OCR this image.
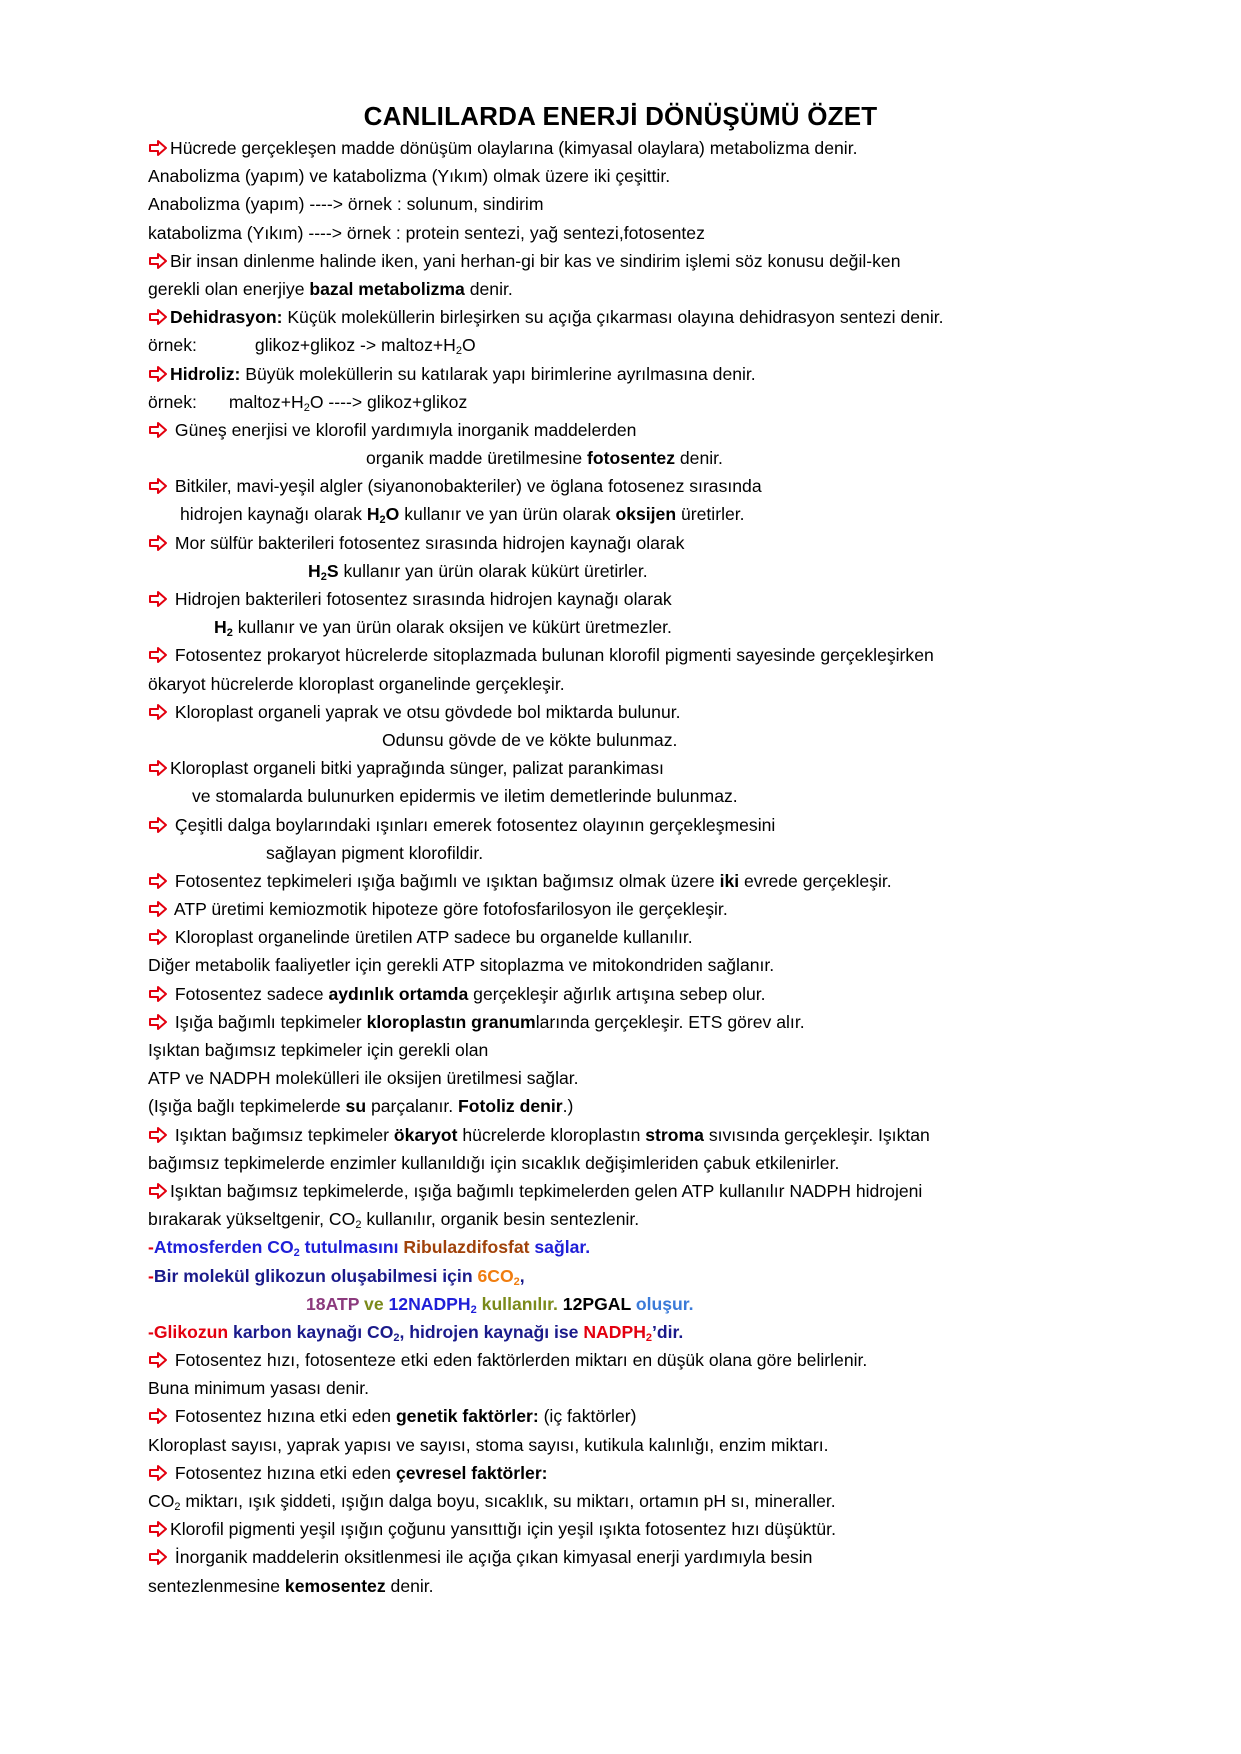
CANLILARDA ENERJİ DÖNÜŞÜMÜ ÖZET
Hücrede gerçekleşen madde dönüşüm olaylarına (kimyasal olaylara) metabolizma denir.
Anabolizma (yapım) ve katabolizma (Yıkım) olmak üzere iki çeşittir.
Anabolizma (yapım) ----> örnek : solunum, sindirim
katabolizma (Yıkım) ----> örnek : protein sentezi, yağ sentezi,fotosentez
Bir insan dinlenme halinde iken, yani herhan-gi bir kas ve sindirim işlemi söz konusu değil-ken
gerekli olan enerjiye bazal metabolizma denir.
Dehidrasyon: Küçük moleküllerin birleşirken su açığa çıkarması olayına dehidrasyon sentezi denir.
örnek:	glikoz+glikoz -> $maltoz+H_2O$
Hidroliz: Büyük moleküllerin su katılarak yapı birimlerine ayrılmasına denir.
örnek: $maltoz+H_2O$ ----> glikoz+glikoz
Güneş enerjisi ve klorofil yardımıyla inorganik maddelerden
organik madde üretilmesine fotosentez denir.
Bitkiler, mavi-yeşil algler (siyanonobakteriler) ve öglana fotosenez sırasında
hidrojen kaynağı olarak $H_2O$ kullanır ve yan ürün olarak oksijen üretirler.
Mor sülfür bakterileri fotosentez sırasında hidrojen kaynağı olarak
$H_2S$ kullanır yan ürün olarak kükürt üretirler.
Hidrojen bakterileri fotosentez sırasında hidrojen kaynağı olarak
$H_2$ kullanır ve yan ürün olarak oksijen ve kükürt üretmezler.
Fotosentez prokaryot hücrelerde sitoplazmada bulunan klorofil pigmenti sayesinde gerçekleşirken
ökaryot hücrelerde kloroplast organelinde gerçekleşir.
Kloroplast organeli yaprak ve otsu gövdede bol miktarda bulunur.
Odunsu gövde de ve kökte bulunmaz.
Kloroplast organeli bitki yaprağında sünger, palizat parankiması
ve stomalarda bulunurken epidermis ve iletim demetlerinde bulunmaz.
Çeşitli dalga boylarındaki ışınları emerek fotosentez olayının gerçekleşmesini
sağlayan pigment klorofildir.
Fotosentez tepkimeleri ışığa bağımlı ve ışıktan bağımsız olmak üzere iki evrede gerçekleşir.
ATP üretimi kemiozmotik hipoteze göre fotofosfarilosyon ile gerçekleşir.
Kloroplast organelinde üretilen ATP sadece bu organelde kullanılır.
Diğer metabolik faaliyetler için gerekli ATP sitoplazma ve mitokondriden sağlanır.
Fotosentez sadece aydınlık ortamda gerçekleşir ağırlık artışına sebep olur.
Işığa bağımlı tepkimeler kloroplastın granumlarında gerçekleşir. ETS görev alır.
Işıktan bağımsız tepkimeler için gerekli olan
ATP ve NADPH molekülleri ile oksijen üretilmesi sağlar.
(Işığa bağlı tepkimelerde su parçalanır. Fotoliz denir.)
Işıktan bağımsız tepkimeler ökaryot hücrelerde kloroplastın stroma sıvısında gerçekleşir. Işıktan
bağımsız tepkimelerde enzimler kullanıldığı için sıcaklık değişimleriden çabuk etkilenirler.
Işıktan bağımsız tepkimelerde, ışığa bağımlı tepkimelerden gelen ATP kullanılır NADPH hidrojeni
bırakarak yükseltgenir, $CO_2$ kullanılır, organik besin sentezlenir.
-Atmosferden $CO_2$ tutulmasını Ribulazdifosfat sağlar.
-Bir molekül glikozun oluşabilmesi için $6CO_2$,
18ATP ve $12NADPH_2$ kullanılır. 12PGAL oluşur.
-Glikozun karbon kaynağı $CO_2$, hidrojen kaynağı ise $NADPH_2’dir$.
Fotosentez hızı, fotosenteze etki eden faktörlerden miktarı en düşük olana göre belirlenir.
Buna minimum yasası denir.
Fotosentez hızına etki eden genetik faktörler: (iç faktörler)
Kloroplast sayısı, yaprak yapısı ve sayısı, stoma sayısı, kutikula kalınlığı, enzim miktarı.
Fotosentez hızına etki eden çevresel faktörler:
$CO_2$ miktarı, ışık şiddeti, ışığın dalga boyu, sıcaklık, su miktarı, ortamın pH sı, mineraller.
Klorofil pigmenti yeşil ışığın çoğunu yansıttığı için yeşil ışıkta fotosentez hızı düşüktür.
İnorganik maddelerin oksitlenmesi ile açığa çıkan kimyasal enerji yardımıyla besin
sentezlenmesine kemosentez denir.
